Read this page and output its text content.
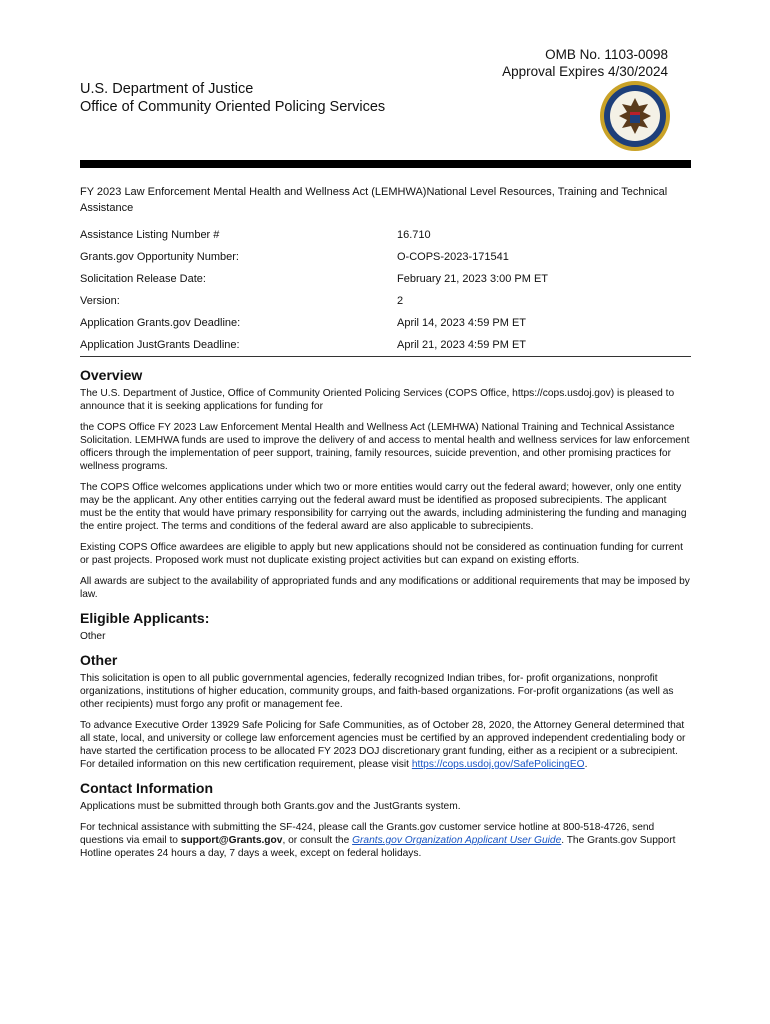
OMB No. 1103-0098
Approval Expires 4/30/2024
U.S. Department of Justice
Office of Community Oriented Policing Services
FY 2023 Law Enforcement Mental Health and Wellness Act (LEMHWA)National Level Resources, Training and Technical Assistance
Assistance Listing Number #	16.710
Grants.gov Opportunity Number:	O-COPS-2023-171541
Solicitation Release Date:	February 21, 2023 3:00 PM ET
Version:	2
Application Grants.gov Deadline:	April 14, 2023 4:59 PM ET
Application JustGrants Deadline:	April 21, 2023 4:59 PM ET
Overview

The U.S. Department of Justice, Office of Community Oriented Policing Services (COPS Office, https://cops.usdoj.gov) is pleased to announce that it is seeking applications for funding for

the COPS Office FY 2023 Law Enforcement Mental Health and Wellness Act (LEMHWA) National Training and Technical Assistance Solicitation. LEMHWA funds are used to improve the delivery of and access to mental health and wellness services for law enforcement officers through the implementation of peer support, training, family resources, suicide prevention, and other promising practices for wellness programs.

The COPS Office welcomes applications under which two or more entities would carry out the federal award; however, only one entity may be the applicant. Any other entities carrying out the federal award must be identified as proposed subrecipients. The applicant must be the entity that would have primary responsibility for carrying out the awards, including administering the funding and managing the entire project. The terms and conditions of the federal award are also applicable to subrecipients.

Existing COPS Office awardees are eligible to apply but new applications should not be considered as continuation funding for current or past projects. Proposed work must not duplicate existing project activities but can expand on existing efforts.

All awards are subject to the availability of appropriated funds and any modifications or additional requirements that may be imposed by law.

Eligible Applicants:

Other

Other

This solicitation is open to all public governmental agencies, federally recognized Indian tribes, for- profit organizations, nonprofit organizations, institutions of higher education, community groups, and faith-based organizations. For-profit organizations (as well as other recipients) must forgo any profit or management fee.

To advance Executive Order 13929 Safe Policing for Safe Communities, as of October 28, 2020, the Attorney General determined that all state, local, and university or college law enforcement agencies must be certified by an approved independent credentialing body or have started the certification process to be allocated FY 2023 DOJ discretionary grant funding, either as a recipient or a subrecipient. For detailed information on this new certification requirement, please visit https://cops.usdoj.gov/SafePolicingEO.

Contact Information

Applications must be submitted through both Grants.gov and the JustGrants system.

For technical assistance with submitting the SF-424, please call the Grants.gov customer service hotline at 800-518-4726, send questions via email to support@Grants.gov, or consult the Grants.gov Organization Applicant User Guide. The Grants.gov Support Hotline operates 24 hours a day, 7 days a week, except on federal holidays.
